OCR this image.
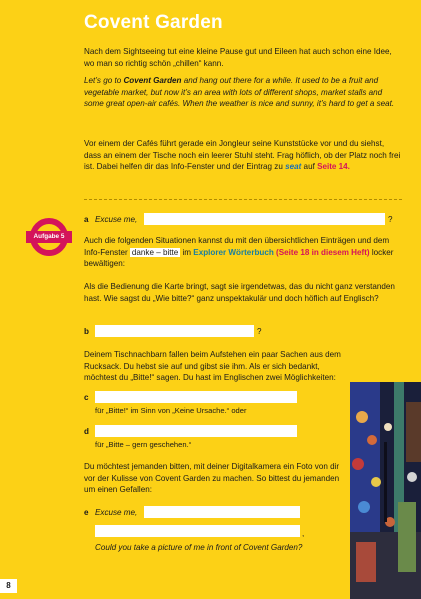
Covent Garden

Nach dem Sightseeing tut eine kleine Pause gut und Eileen hat auch schon eine Idee, wo man so richtig schön „chillen“ kann.

Let’s go to Covent Garden and hang out there for a while. It used to be a fruit and vegetable market, but now it’s an area with lots of different shops, market stalls and some great open-air cafés. When the weather is nice and sunny, it’s hard to get a seat.

Vor einem der Cafés führt gerade ein Jongleur seine Kunststücke vor und du siehst, dass an einem der Tische noch ein leerer Stuhl steht. Frag höflich, ob der Platz noch frei ist. Dabei helfen dir das Info-Fenster und der Eintrag zu seat auf Seite 14.

Aufgabe 5
a Excuse me,	?

Auch die folgenden Situationen kannst du mit den übersichtlichen Einträgen und dem Info-Fenster danke – bitte im Explorer Wörterbuch (Seite 18 in diesem Heft) locker bewältigen:

Als die Bedienung die Karte bringt, sagt sie irgendetwas, das du nicht ganz verstanden hast. Wie sagst du „Wie bitte?“ ganz unspektakulär und doch höflich auf Englisch?

b	?

Deinem Tischnachbarn fallen beim Aufstehen ein paar Sachen aus dem Rucksack. Du hebst sie auf und gibst sie ihm. Als er sich bedankt, möchtest du „Bitte!“ sagen. Du hast im Englischen zwei Möglichkeiten:

c
für „Bitte!“ im Sinn von „Keine Ursache.“ oder
d
für „Bitte – gern geschehen.“

Du möchtest jemanden bitten, mit deiner Digitalkamera ein Foto von dir vor der Kulisse von Covent Garden zu machen. So bittest du jemanden um einen Gefallen:

e Excuse me,
,
Could you take a picture of me in front of Covent Garden?
8
